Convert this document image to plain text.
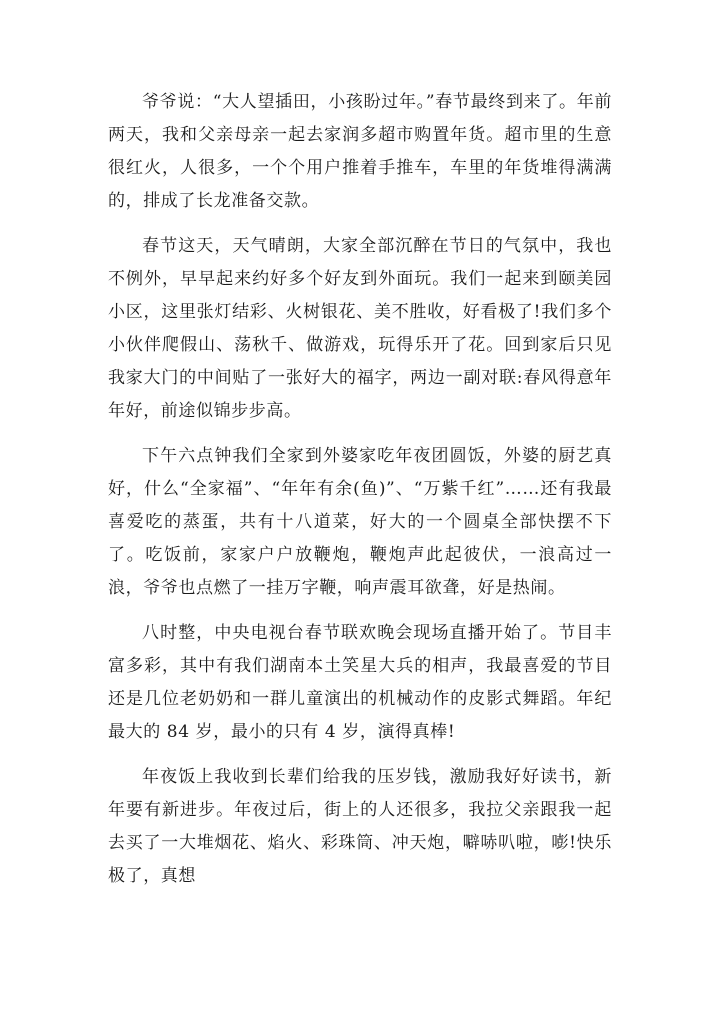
爷爷说：“大人望插田，小孩盼过年。”春节最终到来了。年前两天，我和父亲母亲一起去家润多超市购置年货。超市里的生意很红火，人很多，一个个用户推着手推车，车里的年货堆得满满的，排成了长龙准备交款。

春节这天，天气晴朗，大家全部沉醉在节日的气氛中，我也不例外，早早起来约好多个好友到外面玩。我们一起来到颐美园小区，这里张灯结彩、火树银花、美不胜收，好看极了!我们多个小伙伴爬假山、荡秋千、做游戏，玩得乐开了花。回到家后只见我家大门的中间贴了一张好大的福字，两边一副对联:春风得意年年好，前途似锦步步高。

下午六点钟我们全家到外婆家吃年夜团圆饭，外婆的厨艺真好，什么“全家福”、“年年有余(鱼)”、“万紫千红”……还有我最喜爱吃的蒸蛋，共有十八道菜，好大的一个圆桌全部快摆不下了。吃饭前，家家户户放鞭炮，鞭炮声此起彼伏，一浪高过一浪，爷爷也点燃了一挂万字鞭，响声震耳欲聋，好是热闹。

八时整，中央电视台春节联欢晚会现场直播开始了。节目丰富多彩，其中有我们湖南本土笑星大兵的相声，我最喜爱的节目还是几位老奶奶和一群儿童演出的机械动作的皮影式舞蹈。年纪最大的 84 岁，最小的只有 4 岁，演得真棒!

年夜饭上我收到长辈们给我的压岁钱，激励我好好读书，新年要有新进步。年夜过后，街上的人还很多，我拉父亲跟我一起去买了一大堆烟花、焰火、彩珠筒、冲天炮，噼哧叭啦，嘭!快乐极了，真想
